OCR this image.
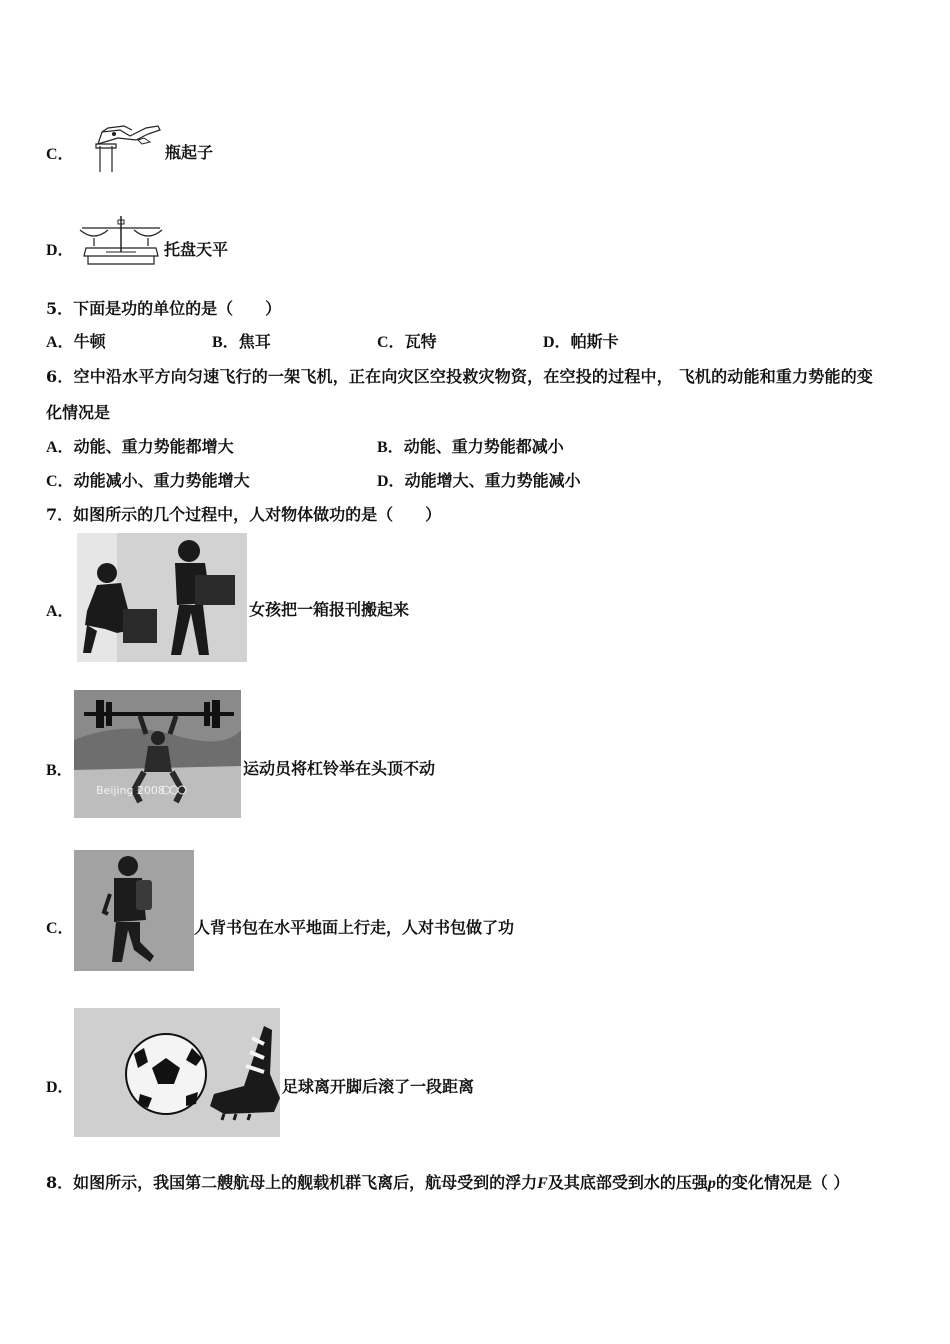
C．	瓶起子
D．	托盘天平
5．下面是功的单位的是（　　）
A．牛顿	B．焦耳	C．瓦特	D．帕斯卡
6．空中沿水平方向匀速飞行的一架飞机，正在向灾区空投救灾物资，在空投的过程中， 飞机的动能和重力势能的变
化情况是
A．动能、重力势能都增大	B．动能、重力势能都减小
C．动能减小、重力势能增大	D．动能增大、重力势能减小
7．如图所示的几个过程中，人对物体做功的是（　　）
A．	女孩把一箱报刊搬起来
B．
Beijing 2008
运动员将杠铃举在头顶不动
C．	人背书包在水平地面上行走，人对书包做了功
D．	足球离开脚后滚了一段距离
8．如图所示，我国第二艘航母上的舰载机群飞离后，航母受到的浮力F及其底部受到水的压强p的变化情况是（ ）
